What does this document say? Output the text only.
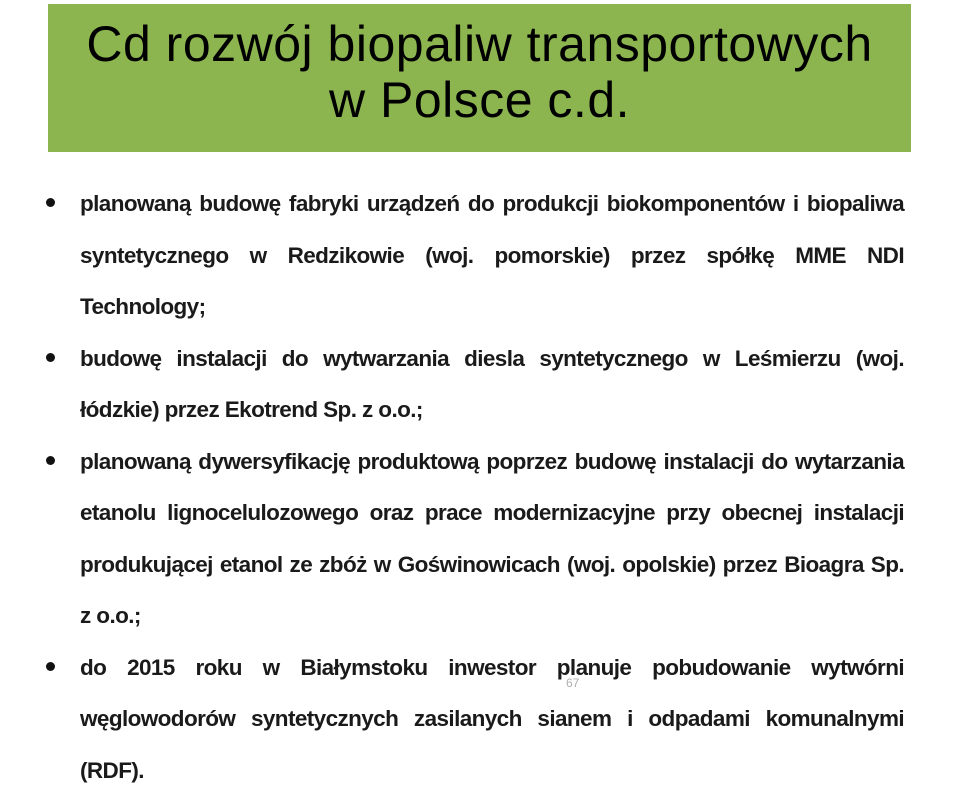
Cd rozwój biopaliw transportowych
w Polsce c.d.
planowaną budowę fabryki urządzeń do produkcji biokomponentów i biopaliwa syntetycznego w Redzikowie (woj. pomorskie) przez spółkę MME NDI Technology;
budowę instalacji do wytwarzania diesla syntetycznego w Leśmierzu (woj. łódzkie) przez Ekotrend Sp. z o.o.;
planowaną dywersyfikację produktową poprzez budowę instalacji do wytarzania etanolu lignocelulozowego oraz prace modernizacyjne przy obecnej instalacji produkującej etanol ze zbóż w Goświnowicach (woj. opolskie) przez Bioagra Sp. z o.o.;
do 2015 roku w Białymstoku inwestor planuje pobudowanie wytwórni węglowodorów syntetycznych zasilanych sianem i odpadami komunalnymi (RDF).
67
